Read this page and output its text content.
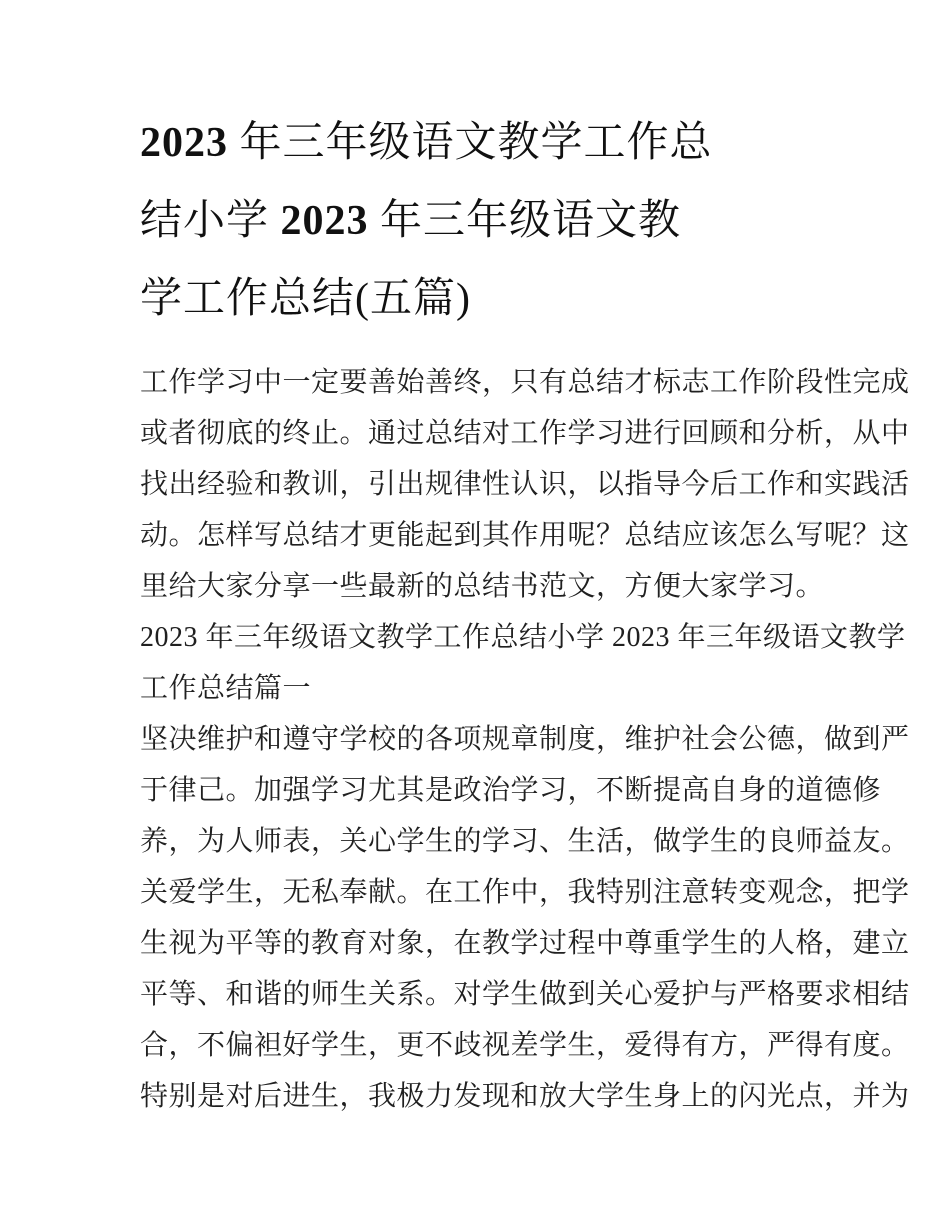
2023 年三年级语文教学工作总
结小学 2023 年三年级语文教
学工作总结(五篇)
工作学习中一定要善始善终，只有总结才标志工作阶段性完成
或者彻底的终止。通过总结对工作学习进行回顾和分析，从中
找出经验和教训，引出规律性认识，以指导今后工作和实践活
动。怎样写总结才更能起到其作用呢？总结应该怎么写呢？这
里给大家分享一些最新的总结书范文，方便大家学习。
2023 年三年级语文教学工作总结小学 2023 年三年级语文教学
工作总结篇一
坚决维护和遵守学校的各项规章制度，维护社会公德，做到严
于律己。加强学习尤其是政治学习，不断提高自身的道德修
养，为人师表，关心学生的学习、生活，做学生的良师益友。
关爱学生，无私奉献。在工作中，我特别注意转变观念，把学
生视为平等的教育对象，在教学过程中尊重学生的人格，建立
平等、和谐的师生关系。对学生做到关心爱护与严格要求相结
合，不偏袒好学生，更不歧视差学生，爱得有方，严得有度。
特别是对后进生，我极力发现和放大学生身上的闪光点，并为
